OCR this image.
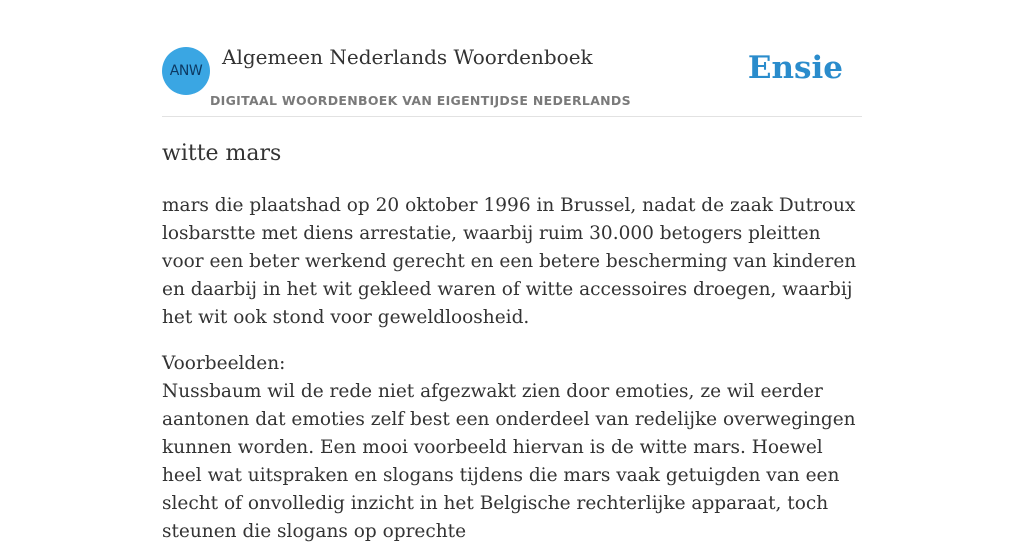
ANW
Algemeen Nederlands Woordenboek
DIGITAAL WOORDENBOEK VAN EIGENTIJDSE NEDERLANDS
Ensie
witte mars

mars die plaatshad op 20 oktober 1996 in Brussel, nadat de zaak Dutroux losbarstte met diens arrestatie, waarbij ruim 30.000 betogers pleitten voor een beter werkend gerecht en een betere bescherming van kinderen en daarbij in het wit gekleed waren of witte accessoires droegen, waarbij het wit ook stond voor geweldloosheid.

Voorbeelden:
Nussbaum wil de rede niet afgezwakt zien door emoties, ze wil eerder aantonen dat emoties zelf best een onderdeel van redelijke overwegingen kunnen worden. Een mooi voorbeeld hiervan is de witte mars. Hoewel heel wat uitspraken en slogans tijdens die mars vaak getuigden van een slecht of onvolledig inzicht in het Belgische rechterlijke apparaat, toch steunen die slogans op oprechte
